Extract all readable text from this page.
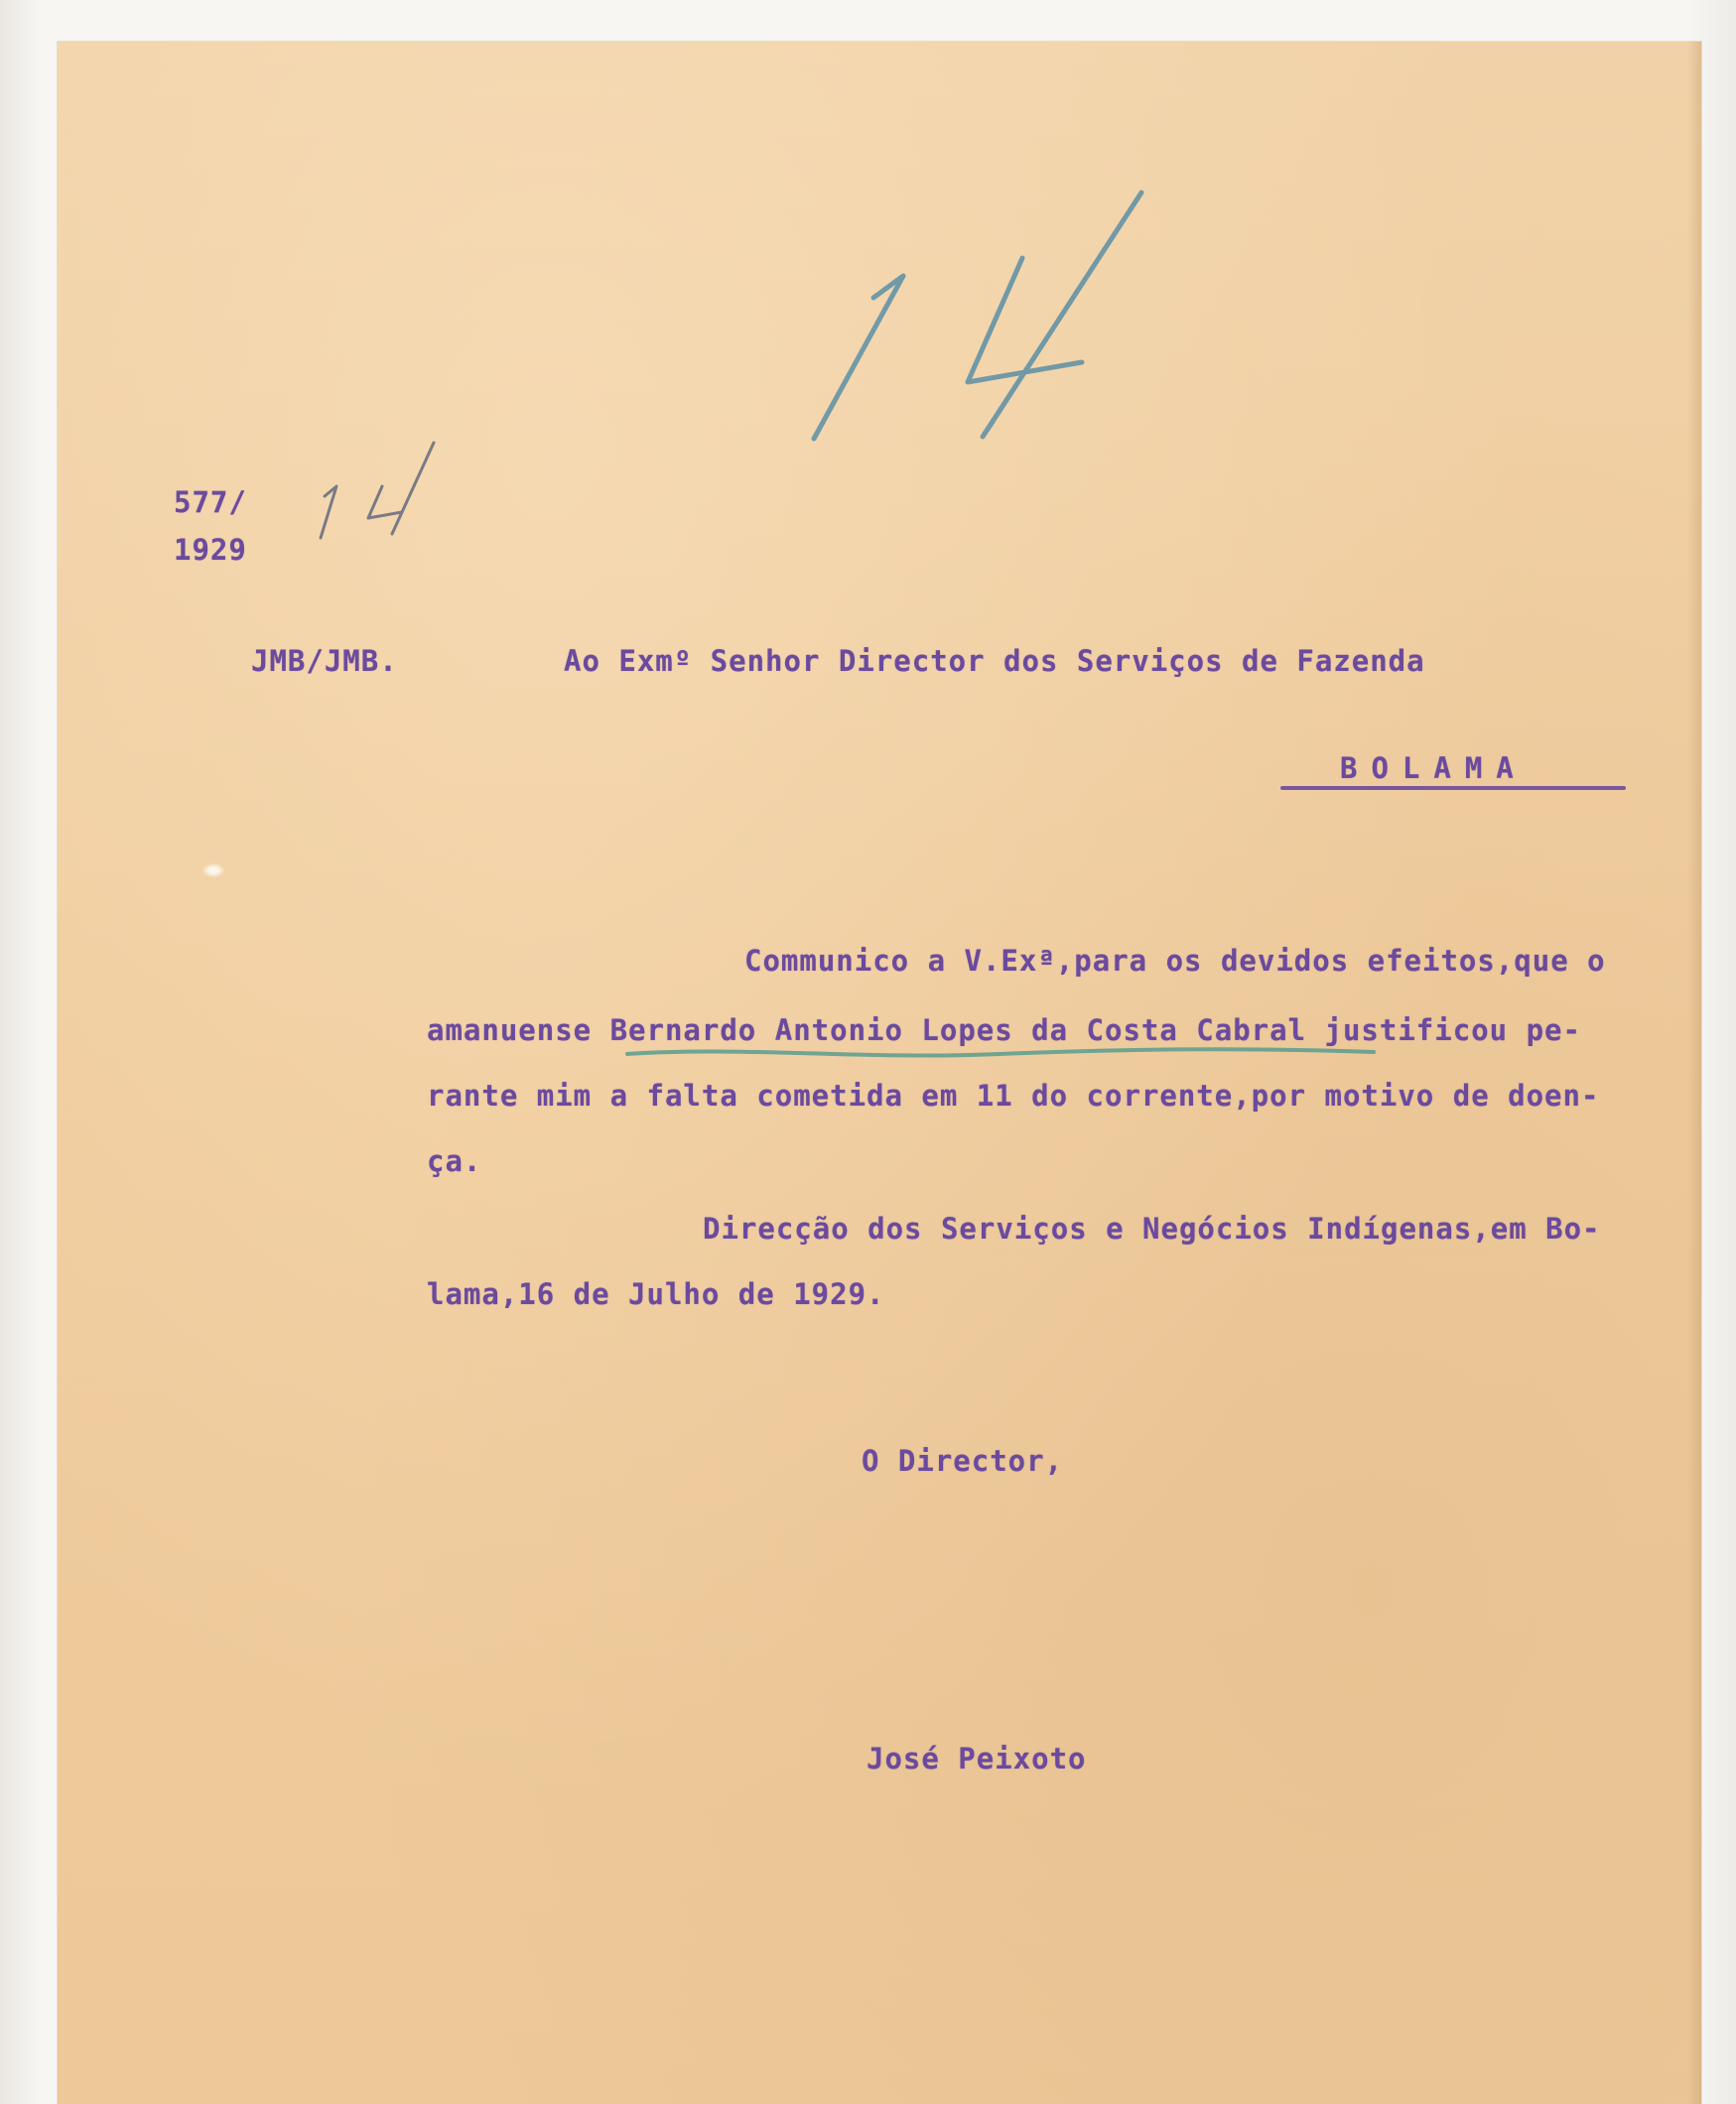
577/

1929

JMB/JMB.	Ao Exmº Senhor Director dos Serviços de Fazenda

BOLAMA

Communico a V.Exª,para os devidos efeitos,que o

amanuense Bernardo Antonio Lopes da Costa Cabral justificou pe-

rante mim a falta cometida em 11 do corrente,por motivo de doen-

ça.

Direcção dos Serviços e Negócios Indígenas,em Bo-

lama,16 de Julho de 1929.

O Director,

José Peixoto
